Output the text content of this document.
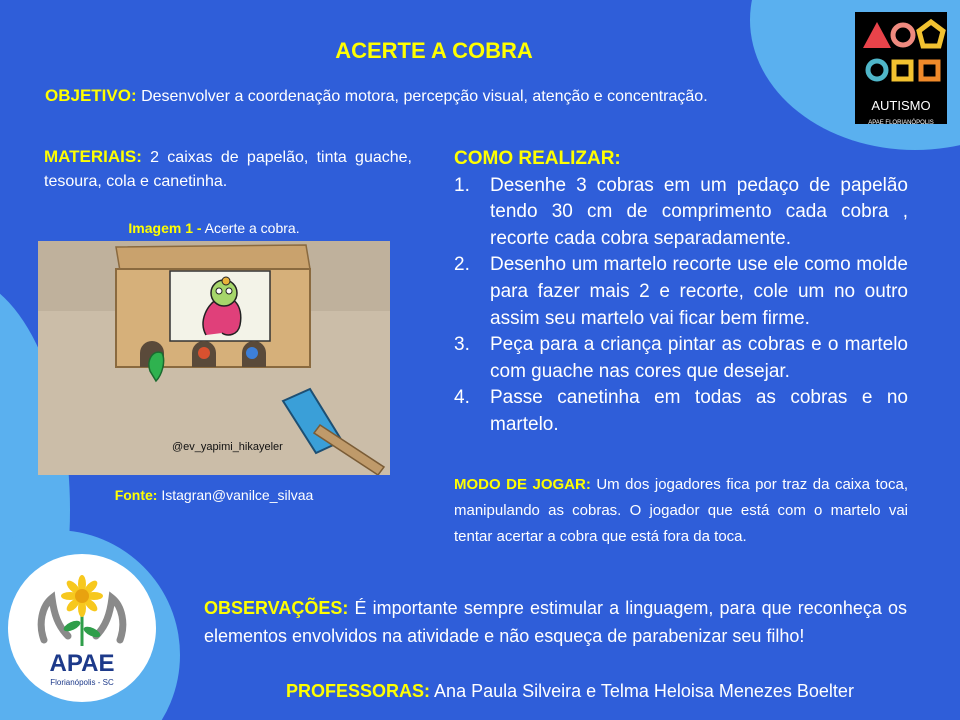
AUTISMO
APAE FLORIANÓPOLIS
ACERTE A COBRA
OBJETIVO: Desenvolver a coordenação motora, percepção visual, atenção e concentração.
MATERIAIS: 2 caixas de papelão, tinta guache, tesoura, cola e canetinha.
Imagem 1 - Acerte a cobra.
@ev_yapimi_hikayeler
Fonte: Istagran@vanilce_silvaa
COMO REALIZAR:
1. Desenhe 3 cobras em um pedaço de papelão tendo 30 cm de comprimento cada cobra , recorte cada cobra separadamente.
2. Desenho um martelo recorte use ele como molde para fazer mais 2 e recorte, cole um no outro assim seu martelo vai ficar bem firme.
3. Peça para a criança pintar as cobras e o martelo com guache nas cores que desejar.
4. Passe canetinha em todas as cobras e no martelo.
MODO DE JOGAR: Um dos jogadores fica por traz da caixa toca, manipulando as cobras. O jogador que está com o martelo vai tentar acertar a cobra que está fora da toca.
OBSERVAÇÕES: É importante sempre estimular a linguagem, para que reconheça os elementos envolvidos na atividade e não esqueça de parabenizar seu filho!
PROFESSORAS: Ana Paula Silveira e Telma Heloisa Menezes Boelter
APAE
Florianópolis - SC
